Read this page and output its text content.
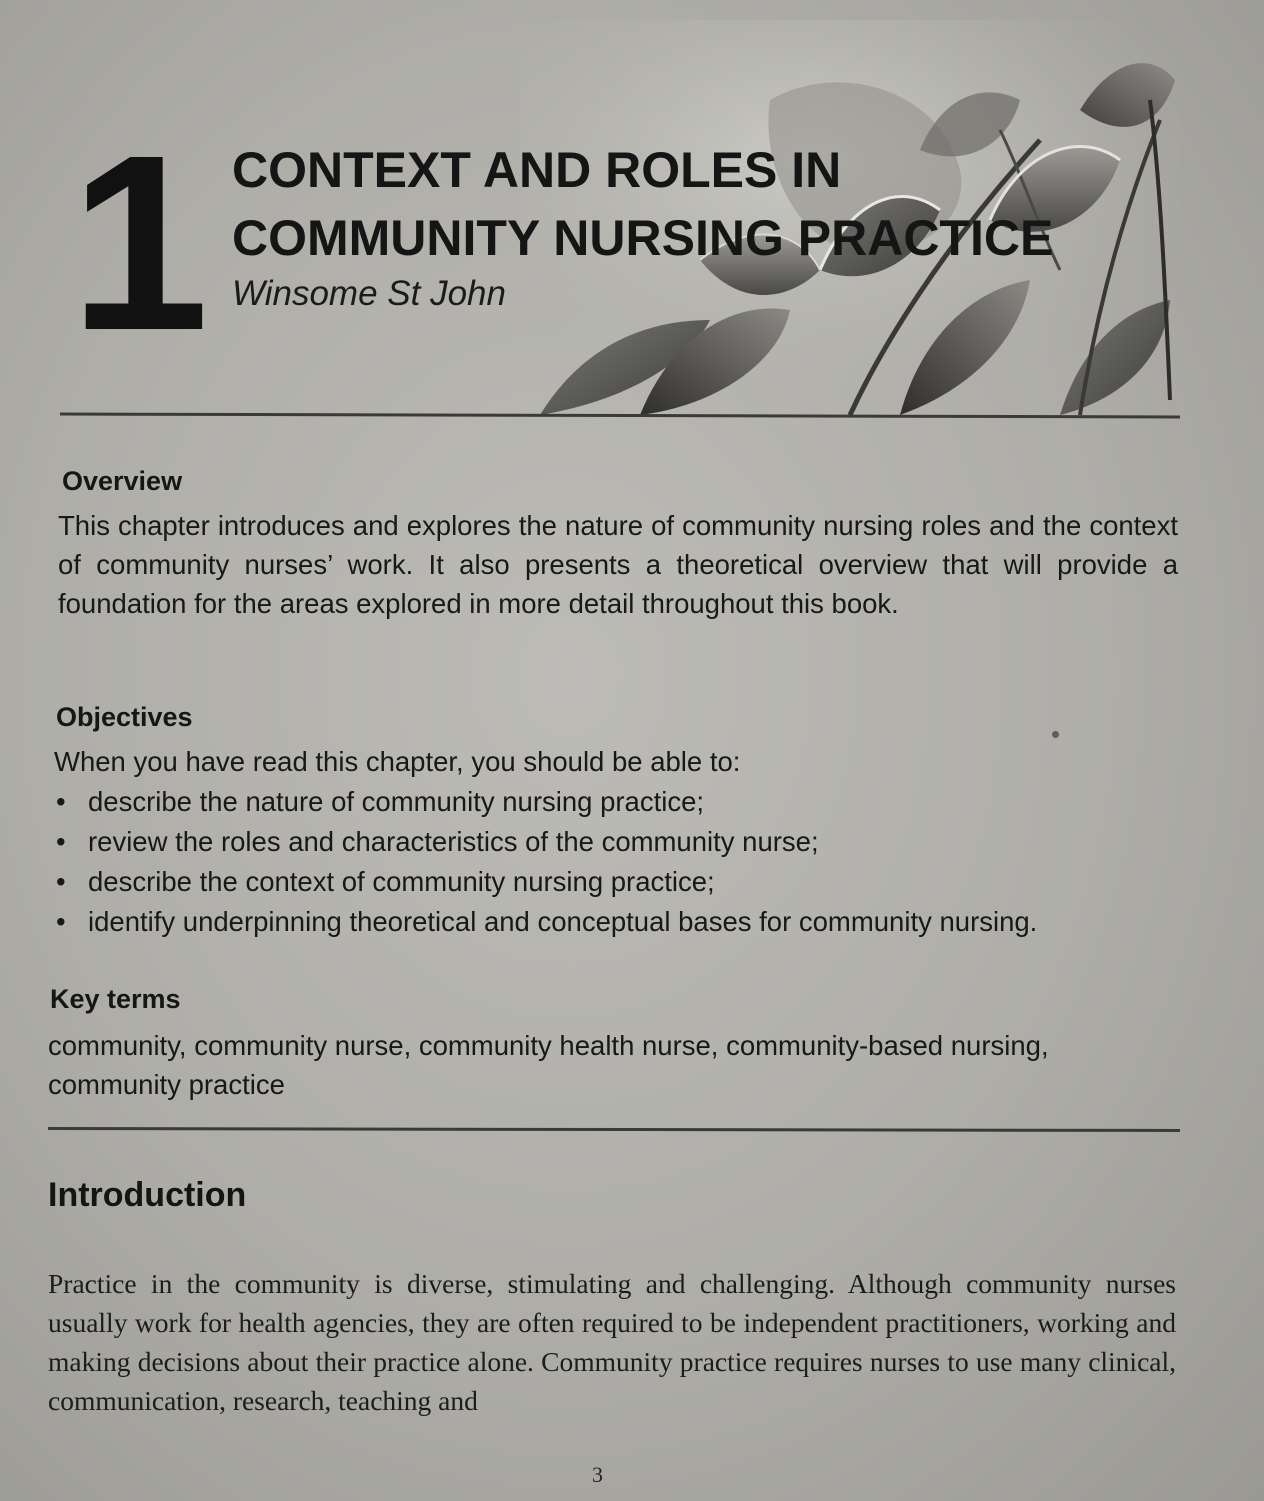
1 CONTEXT AND ROLES IN
COMMUNITY NURSING PRACTICE

Winsome St John

Overview

This chapter introduces and explores the nature of community nursing roles and the context of community nurses’ work. It also presents a theoretical overview that will provide a foundation for the areas explored in more detail throughout this book.

Objectives

When you have read this chapter, you should be able to:

• describe the nature of community nursing practice;
• review the roles and characteristics of the community nurse;
• describe the context of community nursing practice;
• identify underpinning theoretical and conceptual bases for community nursing.
Key terms

community, community nurse, community health nurse, community-based nursing, community practice

Introduction

Practice in the community is diverse, stimulating and challenging. Although community nurses usually work for health agencies, they are often required to be independent practitioners, working and making decisions about their practice alone. Community practice requires nurses to use many clinical, communication, research, teaching and

3
